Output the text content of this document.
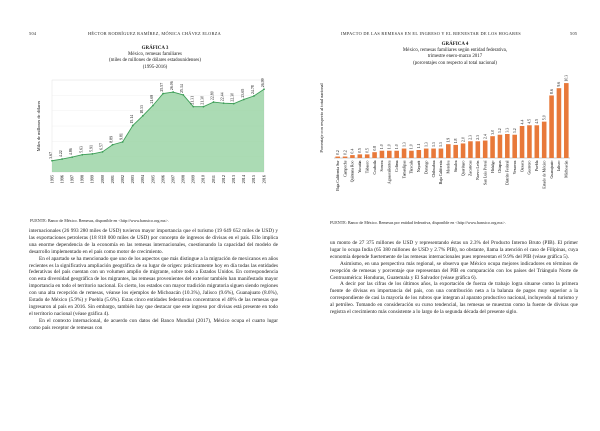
504	HÉCTOR RODRÍGUEZ RAMÍREZ, MÓNICA CHÁVEZ ELORZA
GRÁFICA 3
México, remesas familiares
(miles de millones de dólares estadounidenses)
(1995-2016)
3.67 4.22 4.86 5.63 5.91 6.57
8.89 9.81
15.14
18.33
21.69
25.57 26.06 25.14
21.31 21.30
22.80 22.44 22.30 23.65 24.78
26.99
1995 1996 1997 1998 1999 2000 2001 2002 2003 2004 2005 2006 2007 2008 2009 2010 2011 2012 2013 2014 2015 2016
Miles de millones de dólares
FUENTE: Banco de México. Remesas, disponible en <http://www.banxico.org.mx>.

internacionales (26 993 280 miles de USD) tuvieron mayor importancia que el turismo (19 649 652 miles de USD) y las exportaciones petroleras (18 818 000 miles de USD) por concepto de ingresos de divisas en el país. Ello implica una enorme dependencia de la economía en las remesas internacionales, cuestionando la capacidad del modelo de desarrollo implementado en el país como motor de crecimiento.

En el apartado se ha mencionado que uno de los aspectos que más distingue a la migración de mexicanos en años recientes es la significativa ampliación geográfica de su lugar de origen: prácticamente hoy en día todas las entidades federativas del país cuentan con un volumen amplio de migrante, sobre todo a Estados Unidos. En correspondencia con esta diversidad geográfica de los migrantes, las remesas provenientes del exterior también han manifestado mayor importancia en todo el territorio nacional. Es cierto, los estados con mayor tradición migratoria siguen siendo regiones con una alta recepción de remesas, véanse los ejemplos de Michoacán (10.3%), Jalisco (9.6%), Guanajuato (8.6%), Estado de México (5.9%) y Puebla (5.6%). Estas cinco entidades federativas concentraron el 40% de las remesas que ingresaron al país en 2016. Sin embargo, también hay que destacar que este ingreso por divisas está presente en todo el territorio nacional (véase gráfica 4).

En el contexto internacional, de acuerdo con datos del Banco Mundial (2017), México ocupa el cuarto lugar como país receptor de remesas con

IMPACTO DE LAS REMESAS EN EL INGRESO Y EL BIENESTAR DE LOS HOGARES	505
GRÁFICA 4
México, remesas familiares según entidad federativa,
trimestre enero-marzo 2017
(porcentajes con respecto al total nacional)
0.2 0.2 0.4 0.5 0.5 0.8 1.0 1.0 1.0 1.3 1.0 1.1 1.3 1.3 1.3
1.9 1.8 2.0 2.3 2.3 2.4
3.0 3.2 3.3 3.2
4.4 4.5 4.5
5.0
8.6
9.6
10.3
Baja California Sur Campeche Quintana Roo Yucatán Tabasco Coahuila Sonora Aguascalientes Colima Tamaulipas Tlaxcala Nayarit Durango Chihuahua Baja California Morelos Sinaloa Querétaro Zacatecas Nuevo León San Luis Potosí Hidalgo Chiapas Distrito Federal Veracruz Oaxaca Guerrero Puebla Estado de México Guanajuato Jalisco Michoacán
Porcentaje con respecto al total nacional
FUENTE: Banco de México. Remesas por entidad federativa, disponible en <http://www.banxico.org.mx>.

un monto de 27 375 millones de USD y representando éstas un 2.3% del Producto Interno Bruto (PIB). El primer lugar lo ocupa India (65 380 millones de USD y 2.7% PIB), no obstante, llama la atención el caso de Filipinas, cuya economía depende fuertemente de las remesas internacionales pues representan el 9.9% del PIB (véase gráfica 5).

Asimismo, en una perspectiva más regional, se observa que México ocupa mejores indicadores en términos de recepción de remesas y porcentaje que representan del PIB en comparación con los países del Triángulo Norte de Centroamérica: Honduras, Guatemala y El Salvador (véase gráfica 6).

A decir por las cifras de los últimos años, la exportación de fuerza de trabajo logra situarse como la primera fuente de divisas en importancia del país, con una contribución neta a la balanza de pagos muy superior a la correspondiente de casi la mayoría de los rubros que integran al aparato productivo nacional, incluyendo al turismo y al petróleo. Tomando en consideración su curso tendencial, las remesas se muestran como la fuente de divisas que registra el crecimiento más consistente a lo largo de la segunda década del presente siglo.
